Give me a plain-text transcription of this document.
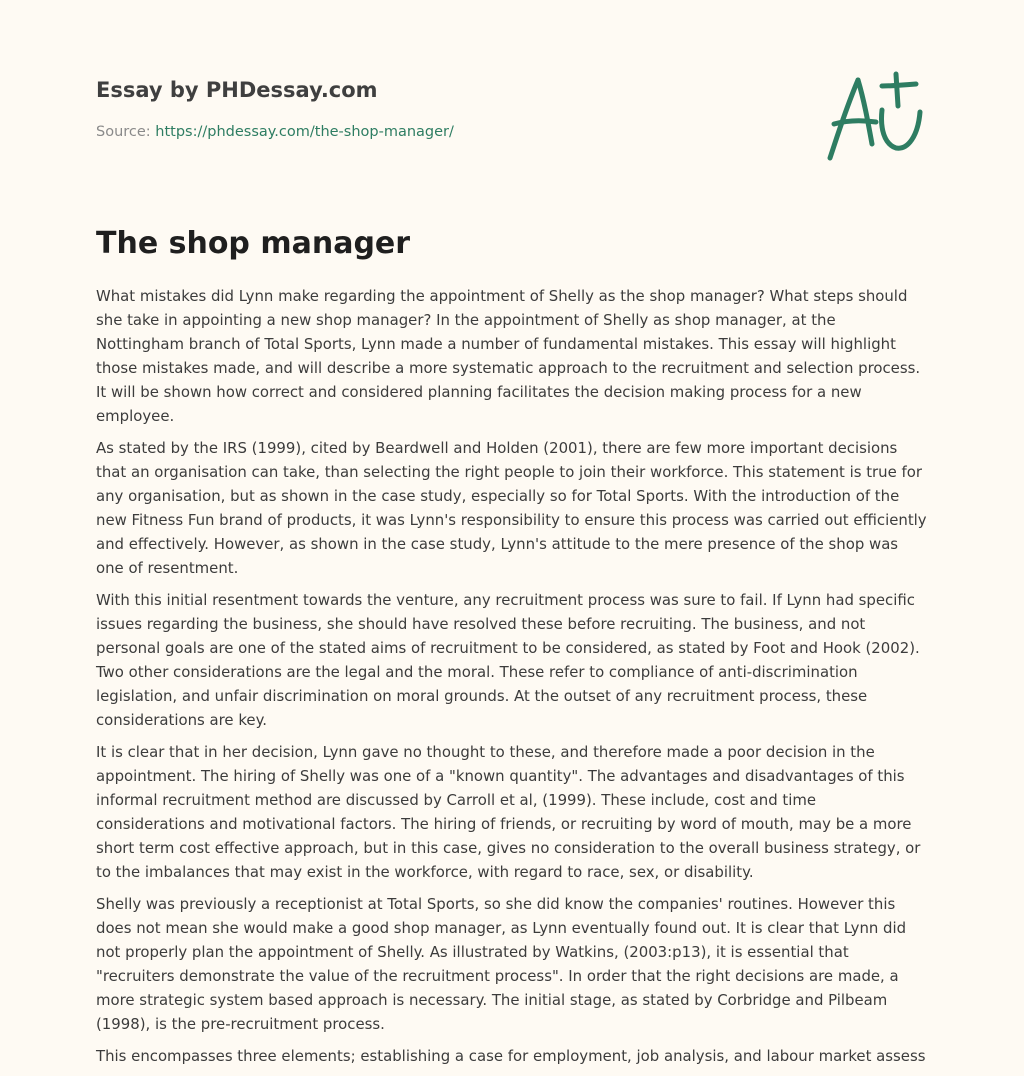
Essay by PHDessay.com
Source: https://phdessay.com/the-shop-manager/
The shop manager

What mistakes did Lynn make regarding the appointment of Shelly as the shop manager? What steps should she take in appointing a new shop manager? In the appointment of Shelly as shop manager, at the Nottingham branch of Total Sports, Lynn made a number of fundamental mistakes. This essay will highlight those mistakes made, and will describe a more systematic approach to the recruitment and selection process. It will be shown how correct and considered planning facilitates the decision making process for a new employee.

As stated by the IRS (1999), cited by Beardwell and Holden (2001), there are few more important decisions that an organisation can take, than selecting the right people to join their workforce. This statement is true for any organisation, but as shown in the case study, especially so for Total Sports. With the introduction of the new Fitness Fun brand of products, it was Lynn's responsibility to ensure this process was carried out efficiently and effectively. However, as shown in the case study, Lynn's attitude to the mere presence of the shop was one of resentment.

With this initial resentment towards the venture, any recruitment process was sure to fail. If Lynn had specific issues regarding the business, she should have resolved these before recruiting. The business, and not personal goals are one of the stated aims of recruitment to be considered, as stated by Foot and Hook (2002). Two other considerations are the legal and the moral. These refer to compliance of anti-discrimination legislation, and unfair discrimination on moral grounds. At the outset of any recruitment process, these considerations are key.

It is clear that in her decision, Lynn gave no thought to these, and therefore made a poor decision in the appointment. The hiring of Shelly was one of a "known quantity". The advantages and disadvantages of this informal recruitment method are discussed by Carroll et al, (1999). These include, cost and time considerations and motivational factors. The hiring of friends, or recruiting by word of mouth, may be a more short term cost effective approach, but in this case, gives no consideration to the overall business strategy, or to the imbalances that may exist in the workforce, with regard to race, sex, or disability.

Shelly was previously a receptionist at Total Sports, so she did know the companies' routines. However this does not mean she would make a good shop manager, as Lynn eventually found out. It is clear that Lynn did not properly plan the appointment of Shelly. As illustrated by Watkins, (2003:p13), it is essential that "recruiters demonstrate the value of the recruitment process". In order that the right decisions are made, a more strategic system based approach is necessary. The initial stage, as stated by Corbridge and Pilbeam (1998), is the pre-recruitment process.

This encompasses three elements; establishing a case for employment, job analysis, and labour market assess
